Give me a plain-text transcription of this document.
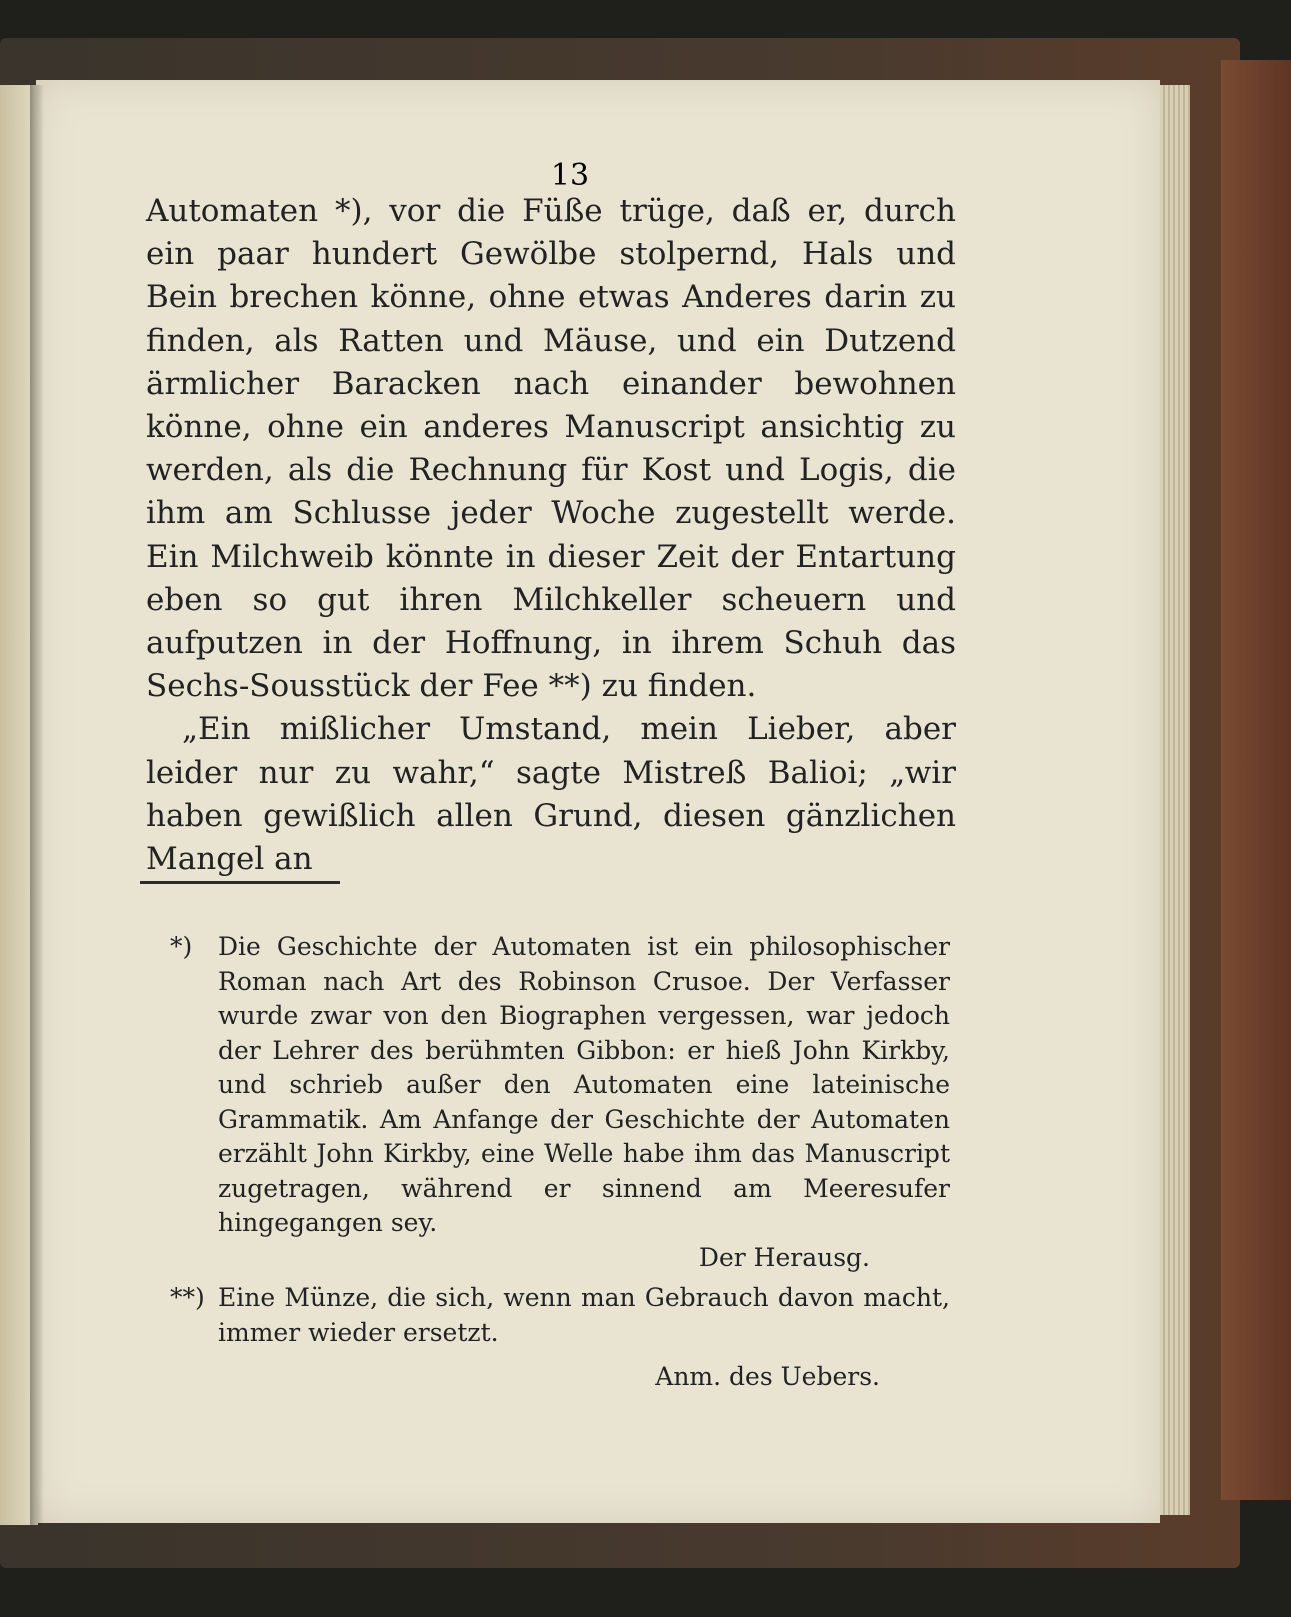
13

Automaten *), vor die Füße trüge, daß er, durch ein paar hundert Gewölbe stolpernd, Hals und Bein brechen könne, ohne etwas Anderes darin zu finden, als Ratten und Mäuse, und ein Dutzend ärmlicher Baracken nach einander bewohnen könne, ohne ein anderes Manuscript ansichtig zu werden, als die Rechnung für Kost und Logis, die ihm am Schlusse jeder Woche zugestellt werde. Ein Milchweib könnte in dieser Zeit der Entartung eben so gut ihren Milchkeller scheuern und aufputzen in der Hoffnung, in ihrem Schuh das Sechs-Sousstück der Fee **) zu finden.

„Ein mißlicher Umstand, mein Lieber, aber leider nur zu wahr,“ sagte Mistreß Balioi; „wir haben gewißlich allen Grund, diesen gänzlichen Mangel an

*) Die Geschichte der Automaten ist ein philosophischer Roman nach Art des Robinson Crusoe. Der Verfasser wurde zwar von den Biographen vergessen, war jedoch der Lehrer des berühmten Gibbon: er hieß John Kirkby, und schrieb außer den Automaten eine lateinische Grammatik. Am Anfange der Geschichte der Automaten erzählt John Kirkby, eine Welle habe ihm das Manuscript zugetragen, während er sinnend am Meeresufer hingegangen sey.

Der Herausg.

**) Eine Münze, die sich, wenn man Gebrauch davon macht, immer wieder ersetzt.

Anm. des Uebers.
